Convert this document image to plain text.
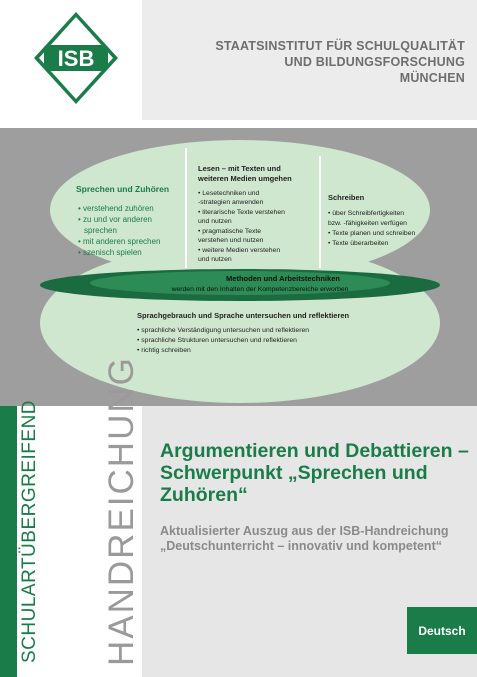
ISB	STAATSINSTITUT FÜR SCHULQUALITÄT
UND BILDUNGSFORSCHUNG
MÜNCHEN
Sprechen und Zuhören
• verstehend zuhören
• zu und vor anderen
sprechen
• mit anderen sprechen
• szenisch spielen
Lesen – mit Texten und
weiteren Medien umgehen
• Lesetechniken und
-strategien anwenden
• literarische Texte verstehen
und nutzen
• pragmatische Texte
verstehen und nutzen
• weitere Medien verstehen
und nutzen
Schreiben
• über Schreibfertigkeiten
bzw. -fähigkeiten verfügen
• Texte planen und schreiben
• Texte überarbeiten
Methoden und Arbeitstechniken
werden mit den Inhalten der Kompetenzbereiche erworben
Sprachgebrauch und Sprache untersuchen und reflektieren
• sprachliche Verständigung untersuchen und reflektieren
• sprachliche Strukturen untersuchen und reflektieren
• richtig schreiben
SCHULARTÜBERGREIFEND HANDREICHUNG Argumentieren und Debattieren –
Schwerpunkt „Sprechen und
Zuhören“
Aktualisierter Auszug aus der ISB-Handreichung
„Deutschunterricht – innovativ und kompetent“
Deutsch
